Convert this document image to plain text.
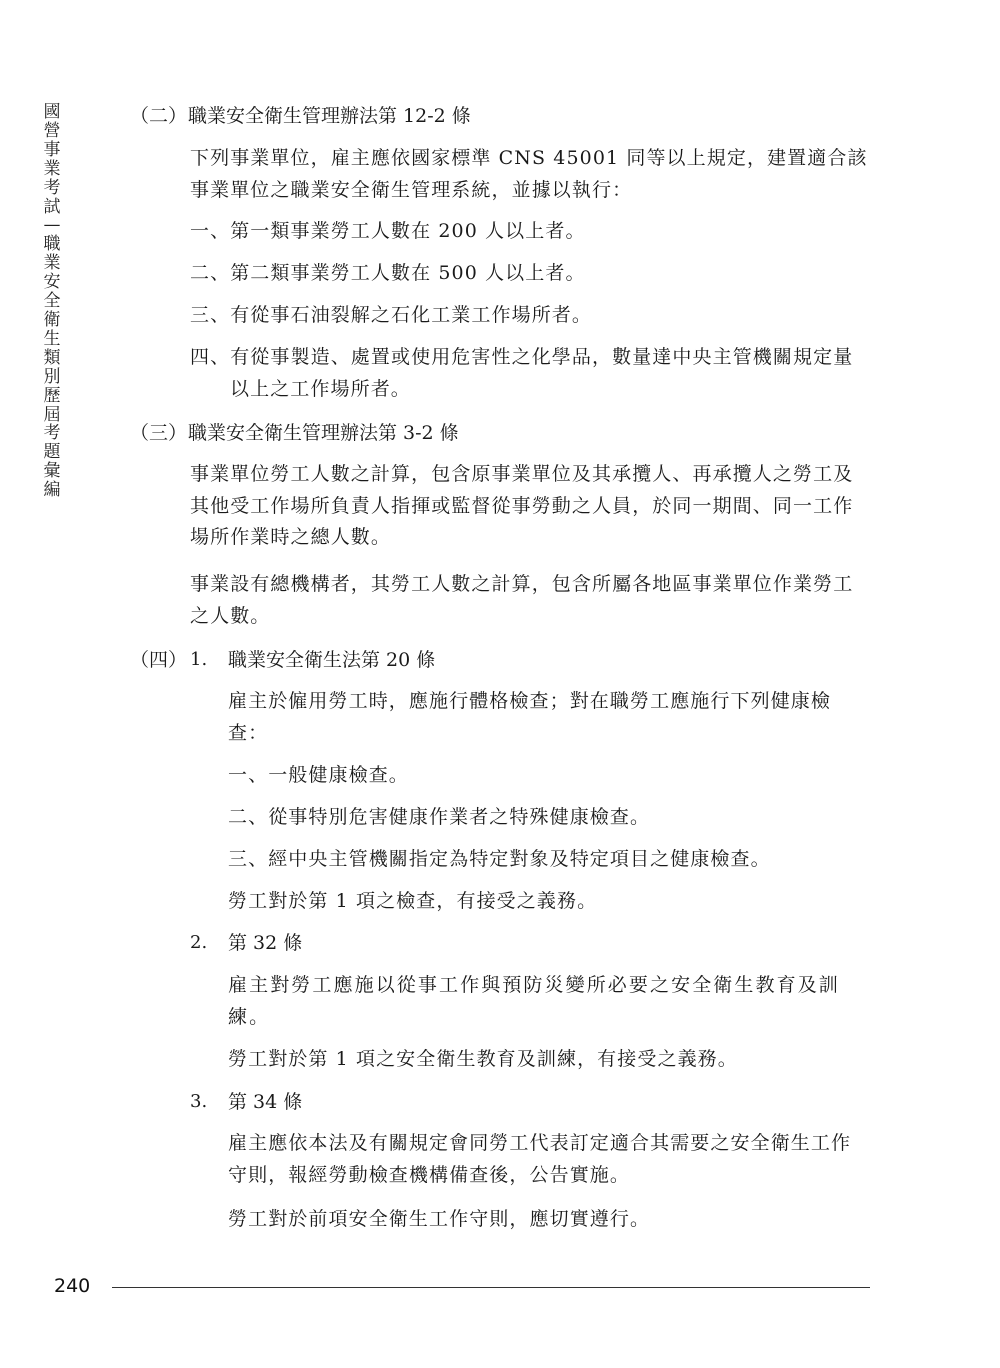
國營事業考試—職業安全衛生類別歷屆考題彙編
（二）職業安全衛生管理辦法第 12-2 條
下列事業單位，雇主應依國家標準 CNS 45001 同等以上規定，建置適合該事業單位之職業安全衛生管理系統，並據以執行：
一、第一類事業勞工人數在 200 人以上者。
二、第二類事業勞工人數在 500 人以上者。
三、有從事石油裂解之石化工業工作場所者。
四、有從事製造、處置或使用危害性之化學品，數量達中央主管機關規定量以上之工作場所者。
（三）職業安全衛生管理辦法第 3-2 條
事業單位勞工人數之計算，包含原事業單位及其承攬人、再承攬人之勞工及其他受工作場所負責人指揮或監督從事勞動之人員，於同一期間、同一工作場所作業時之總人數。
事業設有總機構者，其勞工人數之計算，包含所屬各地區事業單位作業勞工之人數。
（四） 1. 職業安全衛生法第 20 條
雇主於僱用勞工時，應施行體格檢查；對在職勞工應施行下列健康檢查：
一、一般健康檢查。
二、從事特別危害健康作業者之特殊健康檢查。
三、經中央主管機關指定為特定對象及特定項目之健康檢查。
勞工對於第 1 項之檢查，有接受之義務。
2. 第 32 條
雇主對勞工應施以從事工作與預防災變所必要之安全衛生教育及訓練。
勞工對於第 1 項之安全衛生教育及訓練，有接受之義務。
3. 第 34 條
雇主應依本法及有關規定會同勞工代表訂定適合其需要之安全衛生工作守則，報經勞動檢查機構備查後，公告實施。
勞工對於前項安全衛生工作守則，應切實遵行。
240
